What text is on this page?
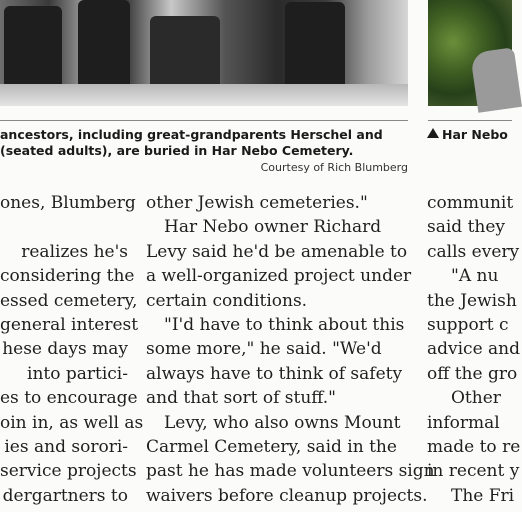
ancestors, including great-grandparents Herschel and
(seated adults), are buried in Har Nebo Cemetery.
Courtesy of Rich Blumberg
Har Nebo
ones, Blumberg
realizes he's
considering the
essed cemetery,
general interest
hese days may
into partici-
es to encourage
oin in, as well as
ies and sorori-
service projects
dergartners to
other Jewish cemeteries."
Har Nebo owner Richard
Levy said he'd be amenable to
a well-organized project under
certain conditions.
"I'd have to think about this
some more," he said. "We'd
always have to think of safety
and that sort of stuff."
Levy, who also owns Mount
Carmel Cemetery, said in the
past he has made volunteers sign
waivers before cleanup projects.
communit
said they
calls every
"A nu
the Jewish
support c
advice and
off the gro
Other
informal
made to re
in recent y
The Fri
